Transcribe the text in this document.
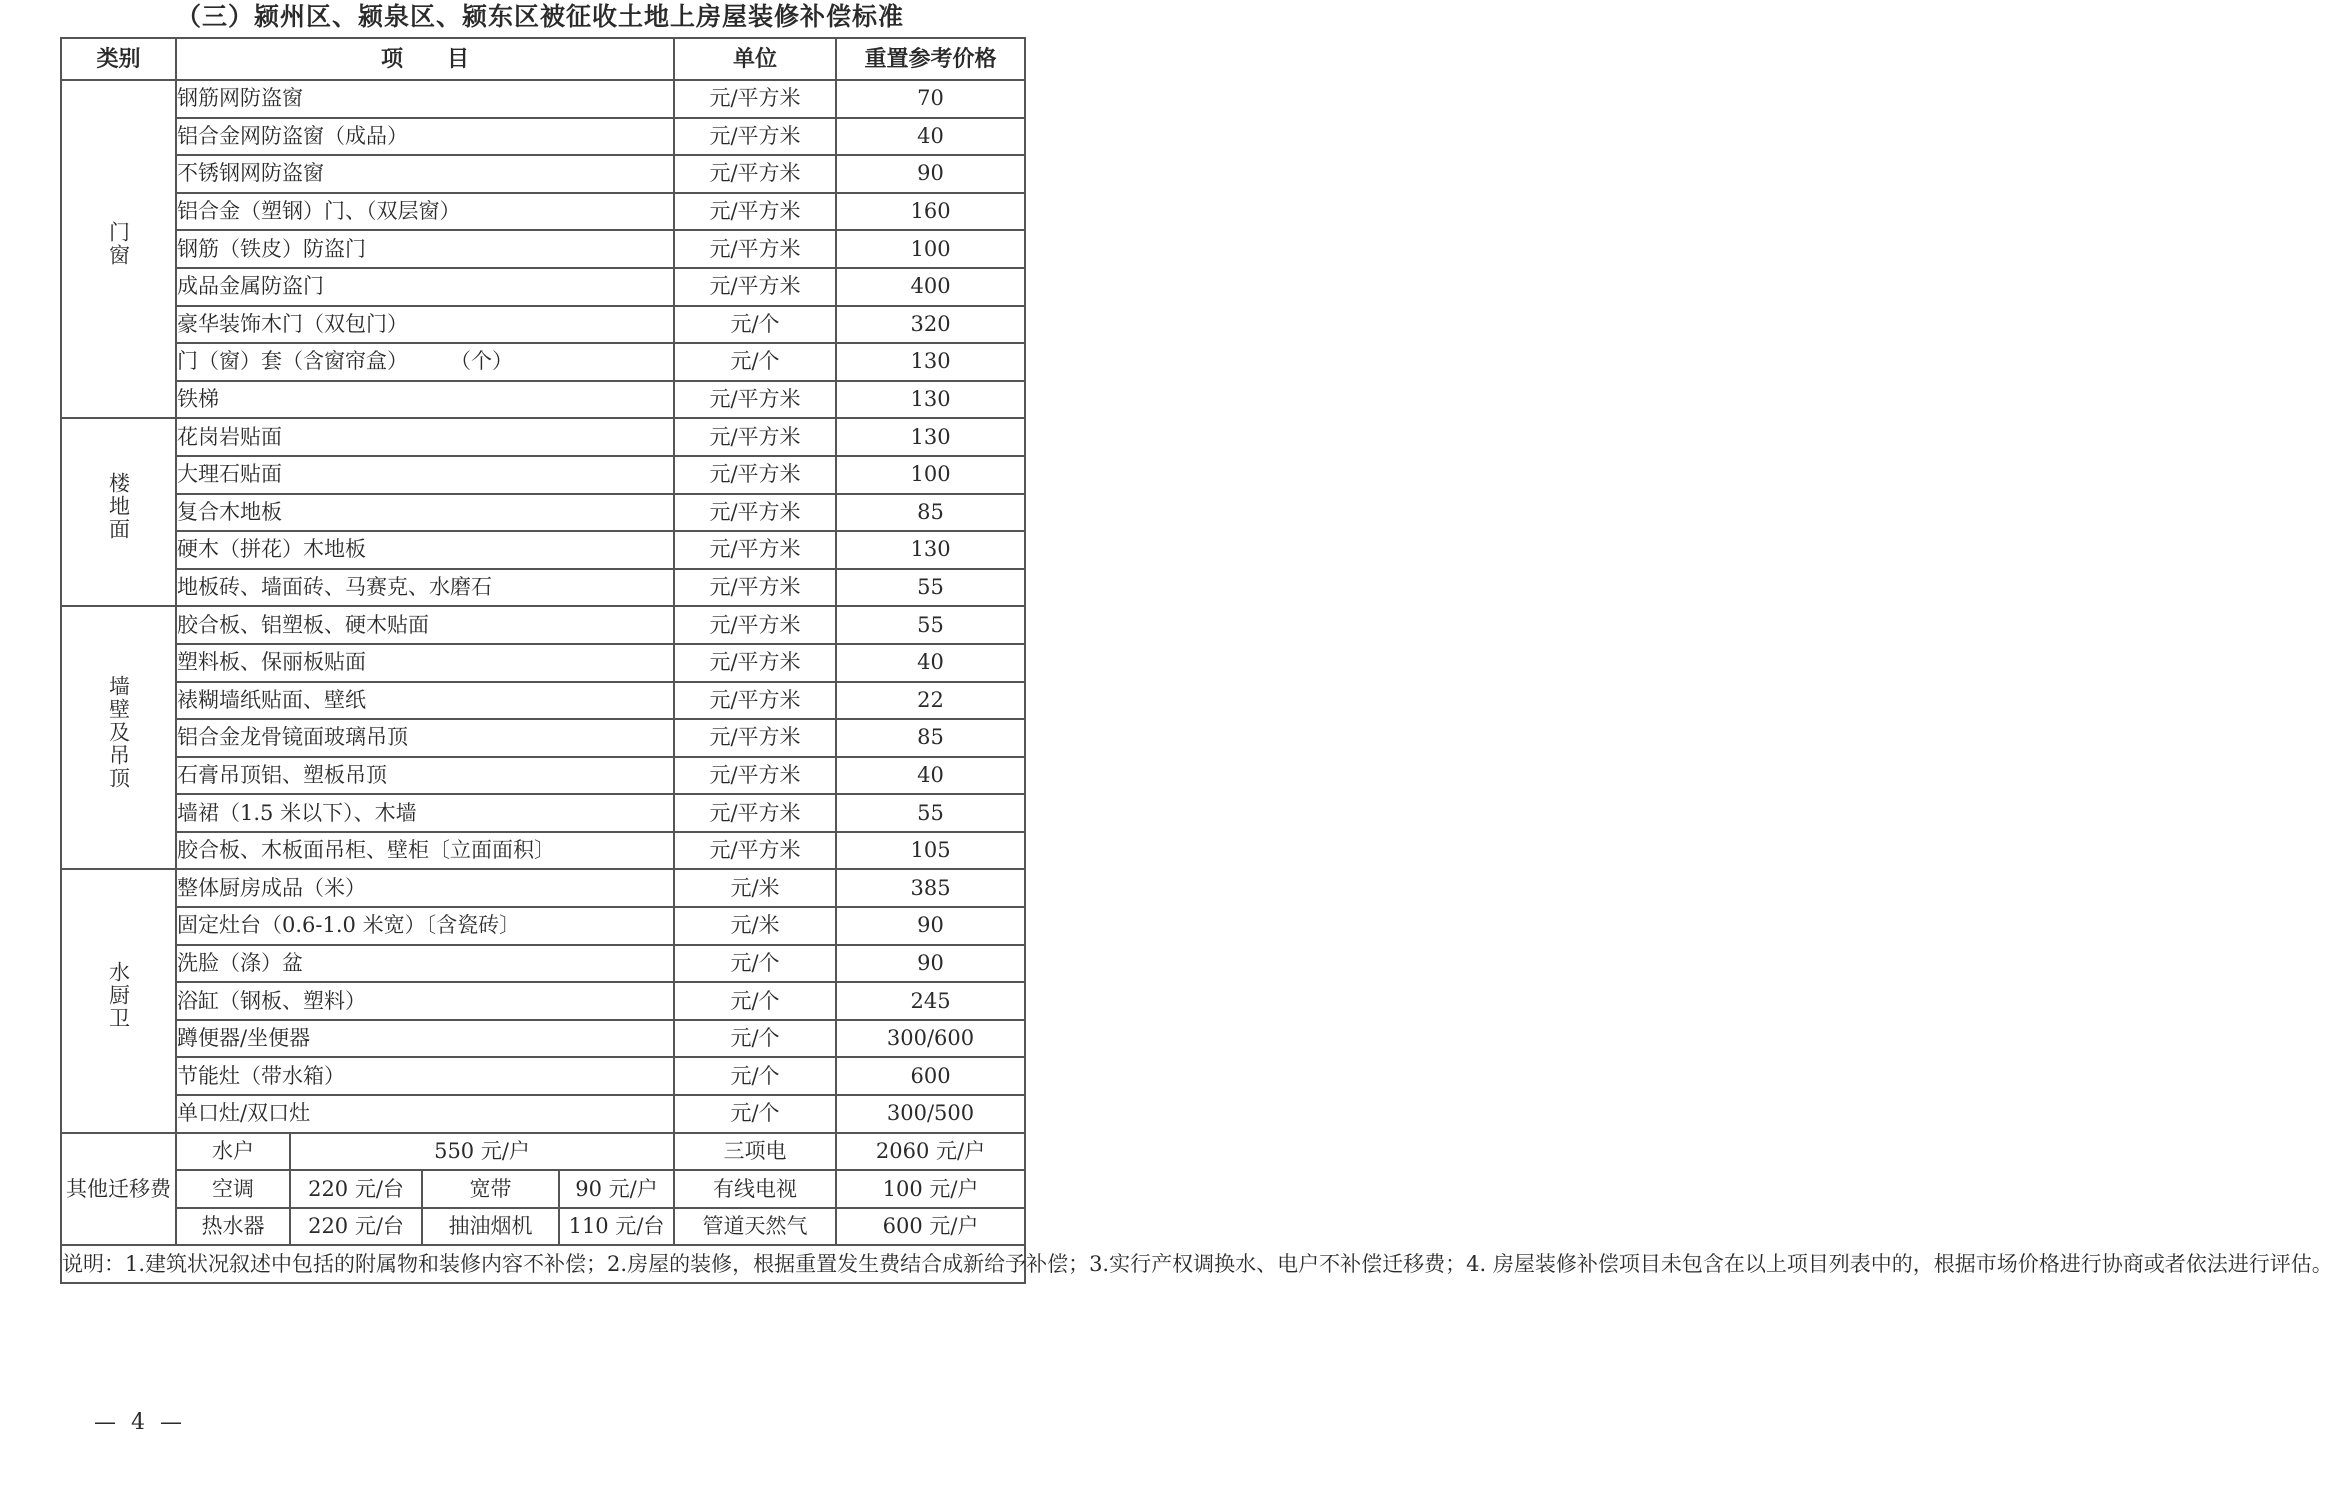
（三）颍州区、颍泉区、颍东区被征收土地上房屋装修补偿标准
类别	项　　目				单位	重置参考价格
门窗	钢筋网防盗窗				元/平方米	70
	铝合金网防盗窗（成品）				元/平方米	40
	不锈钢网防盗窗				元/平方米	90
	铝合金（塑钢）门、（双层窗）				元/平方米	160
	钢筋（铁皮）防盗门				元/平方米	100
	成品金属防盗门				元/平方米	400
	豪华装饰木门（双包门）				元/个	320
	门（窗）套（含窗帘盒）　　　（个）				元/个	130
	铁梯				元/平方米	130
楼地面	花岗岩贴面				元/平方米	130
	大理石贴面				元/平方米	100
	复合木地板				元/平方米	85
	硬木（拼花）木地板				元/平方米	130
	地板砖、墙面砖、马赛克、水磨石				元/平方米	55
墙壁及吊顶	胶合板、铝塑板、硬木贴面				元/平方米	55
	塑料板、保丽板贴面				元/平方米	40
	裱糊墙纸贴面、壁纸				元/平方米	22
	铝合金龙骨镜面玻璃吊顶				元/平方米	85
	石膏吊顶铝、塑板吊顶				元/平方米	40
	墙裙（1.5 米以下）、木墙				元/平方米	55
	胶合板、木板面吊柜、壁柜〔立面面积〕				元/平方米	105
水厨卫	整体厨房成品（米）				元/米	385
	固定灶台（0.6-1.0 米宽）〔含瓷砖〕				元/米	90
	洗脸（涤）盆				元/个	90
	浴缸（钢板、塑料）				元/个	245
	蹲便器/坐便器				元/个	300/600
	节能灶（带水箱）				元/个	600
	单口灶/双口灶				元/个	300/500
其他迁移费	水户	550 元/户			三项电	2060 元/户
	空调	220 元/台	宽带	90 元/户	有线电视	100 元/户
	热水器	220 元/台	抽油烟机	110 元/台	管道天然气	600 元/户
说明：1.建筑状况叙述中包括的附属物和装修内容不补偿；2.房屋的装修，根据重置发生费结合成新给予补偿；3.实行产权调换水、电户不补偿迁移费；4. 房屋装修补偿项目未包含在以上项目列表中的，根据市场价格进行协商或者依法进行评估。						
— 4 —
